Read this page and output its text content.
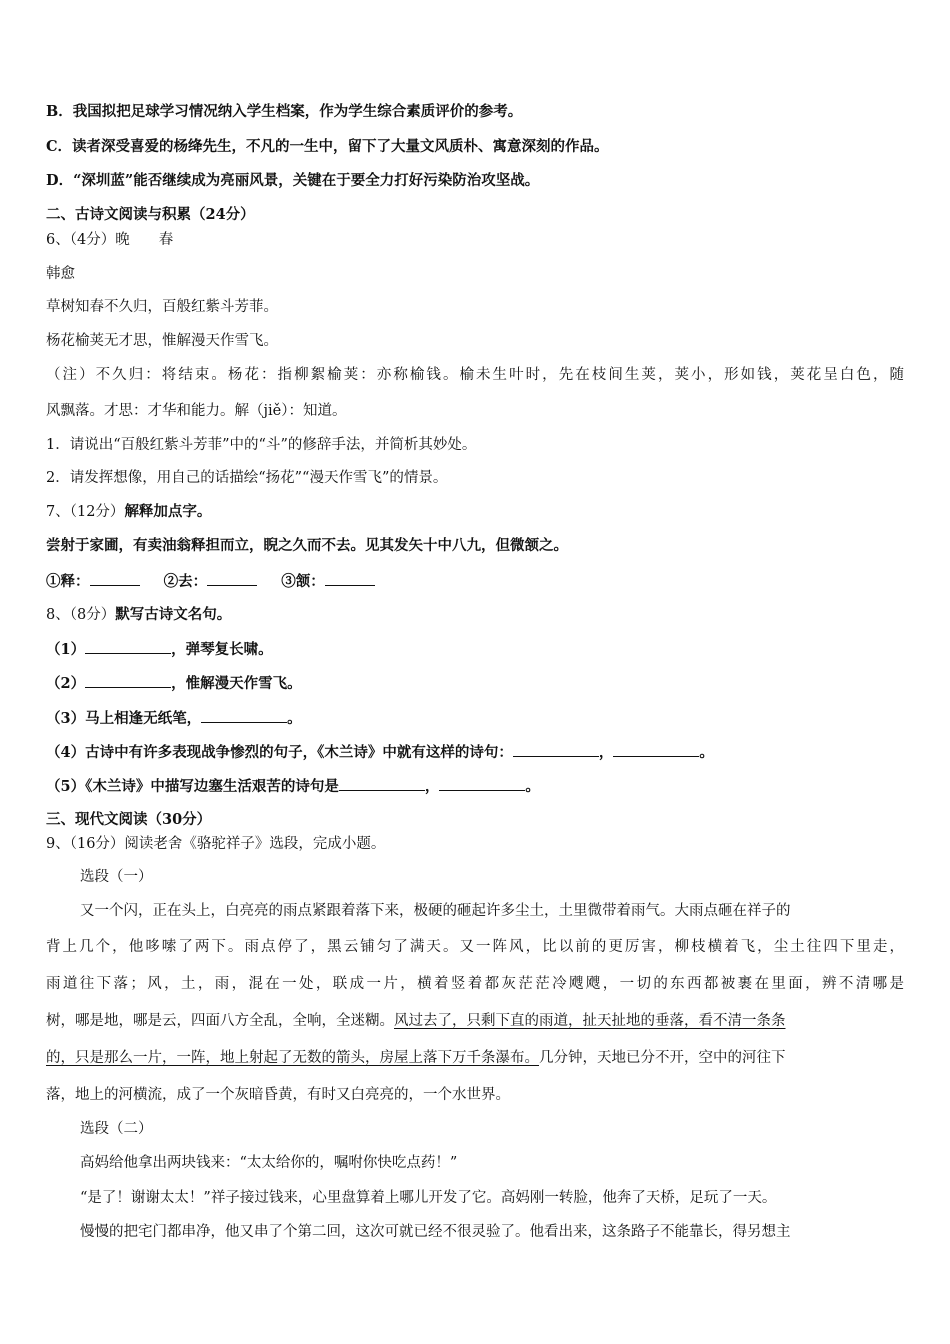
B．我国拟把足球学习情况纳入学生档案，作为学生综合素质评价的参考。
C．读者深受喜爱的杨绛先生，不凡的一生中，留下了大量文风质朴、寓意深刻的作品。
D．“深圳蓝”能否继续成为亮丽风景，关键在于要全力打好污染防治攻坚战。
二、古诗文阅读与积累（24分）
6、（4分）晚　　春
韩愈
草树知春不久归，百般红紫斗芳菲。
杨花榆荚无才思，惟解漫天作雪飞。
（注）不久归：将结束。杨花：指柳絮榆荚：亦称榆钱。榆未生叶时，先在枝间生荚，荚小，形如钱，荚花呈白色，随
风飘落。才思：才华和能力。解（jiě）：知道。
1．请说出“百般红紫斗芳菲”中的“斗”的修辞手法，并简析其妙处。
2．请发挥想像，用自己的话描绘“扬花”“漫天作雪飞”的情景。
7、（12分）解释加点字。
尝射于家圃，有卖油翁释担而立，睨之久而不去。见其发矢十中八九，但微颔之。
①释：	②去：	③颔：
8、（8分）默写古诗文名句。
（1）	，弹琴复长啸。
（2）	，惟解漫天作雪飞。
（3）马上相逢无纸笔，	。
（4）古诗中有许多表现战争惨烈的句子，《木兰诗》中就有这样的诗句：	，	。
（5）《木兰诗》中描写边塞生活艰苦的诗句是	，	。
三、现代文阅读（30分）
9、（16分）阅读老舍《骆驼祥子》选段，完成小题。
选段（一）
又一个闪，正在头上，白亮亮的雨点紧跟着落下来，极硬的砸起许多尘土，土里微带着雨气。大雨点砸在祥子的
背上几个，他哆嗦了两下。雨点停了，黑云铺匀了满天。又一阵风，比以前的更厉害，柳枝横着飞，尘土往四下里走，
雨道往下落；风，土，雨，混在一处，联成一片，横着竖着都灰茫茫冷飕飕，一切的东西都被裹在里面，辨不清哪是
树，哪是地，哪是云，四面八方全乱，全响，全迷糊。风过去了，只剩下直的雨道，扯天扯地的垂落，看不清一条条
的，只是那么一片，一阵，地上射起了无数的箭头，房屋上落下万千条瀑布。几分钟，天地已分不开，空中的河往下
落，地上的河横流，成了一个灰暗昏黄，有时又白亮亮的，一个水世界。
选段（二）
高妈给他拿出两块钱来：“太太给你的，嘱咐你快吃点药！”
“是了！谢谢太太！”祥子接过钱来，心里盘算着上哪儿开发了它。高妈刚一转脸，他奔了天桥，足玩了一天。
慢慢的把宅门都串净，他又串了个第二回，这次可就已经不很灵验了。他看出来，这条路子不能靠长，得另想主
